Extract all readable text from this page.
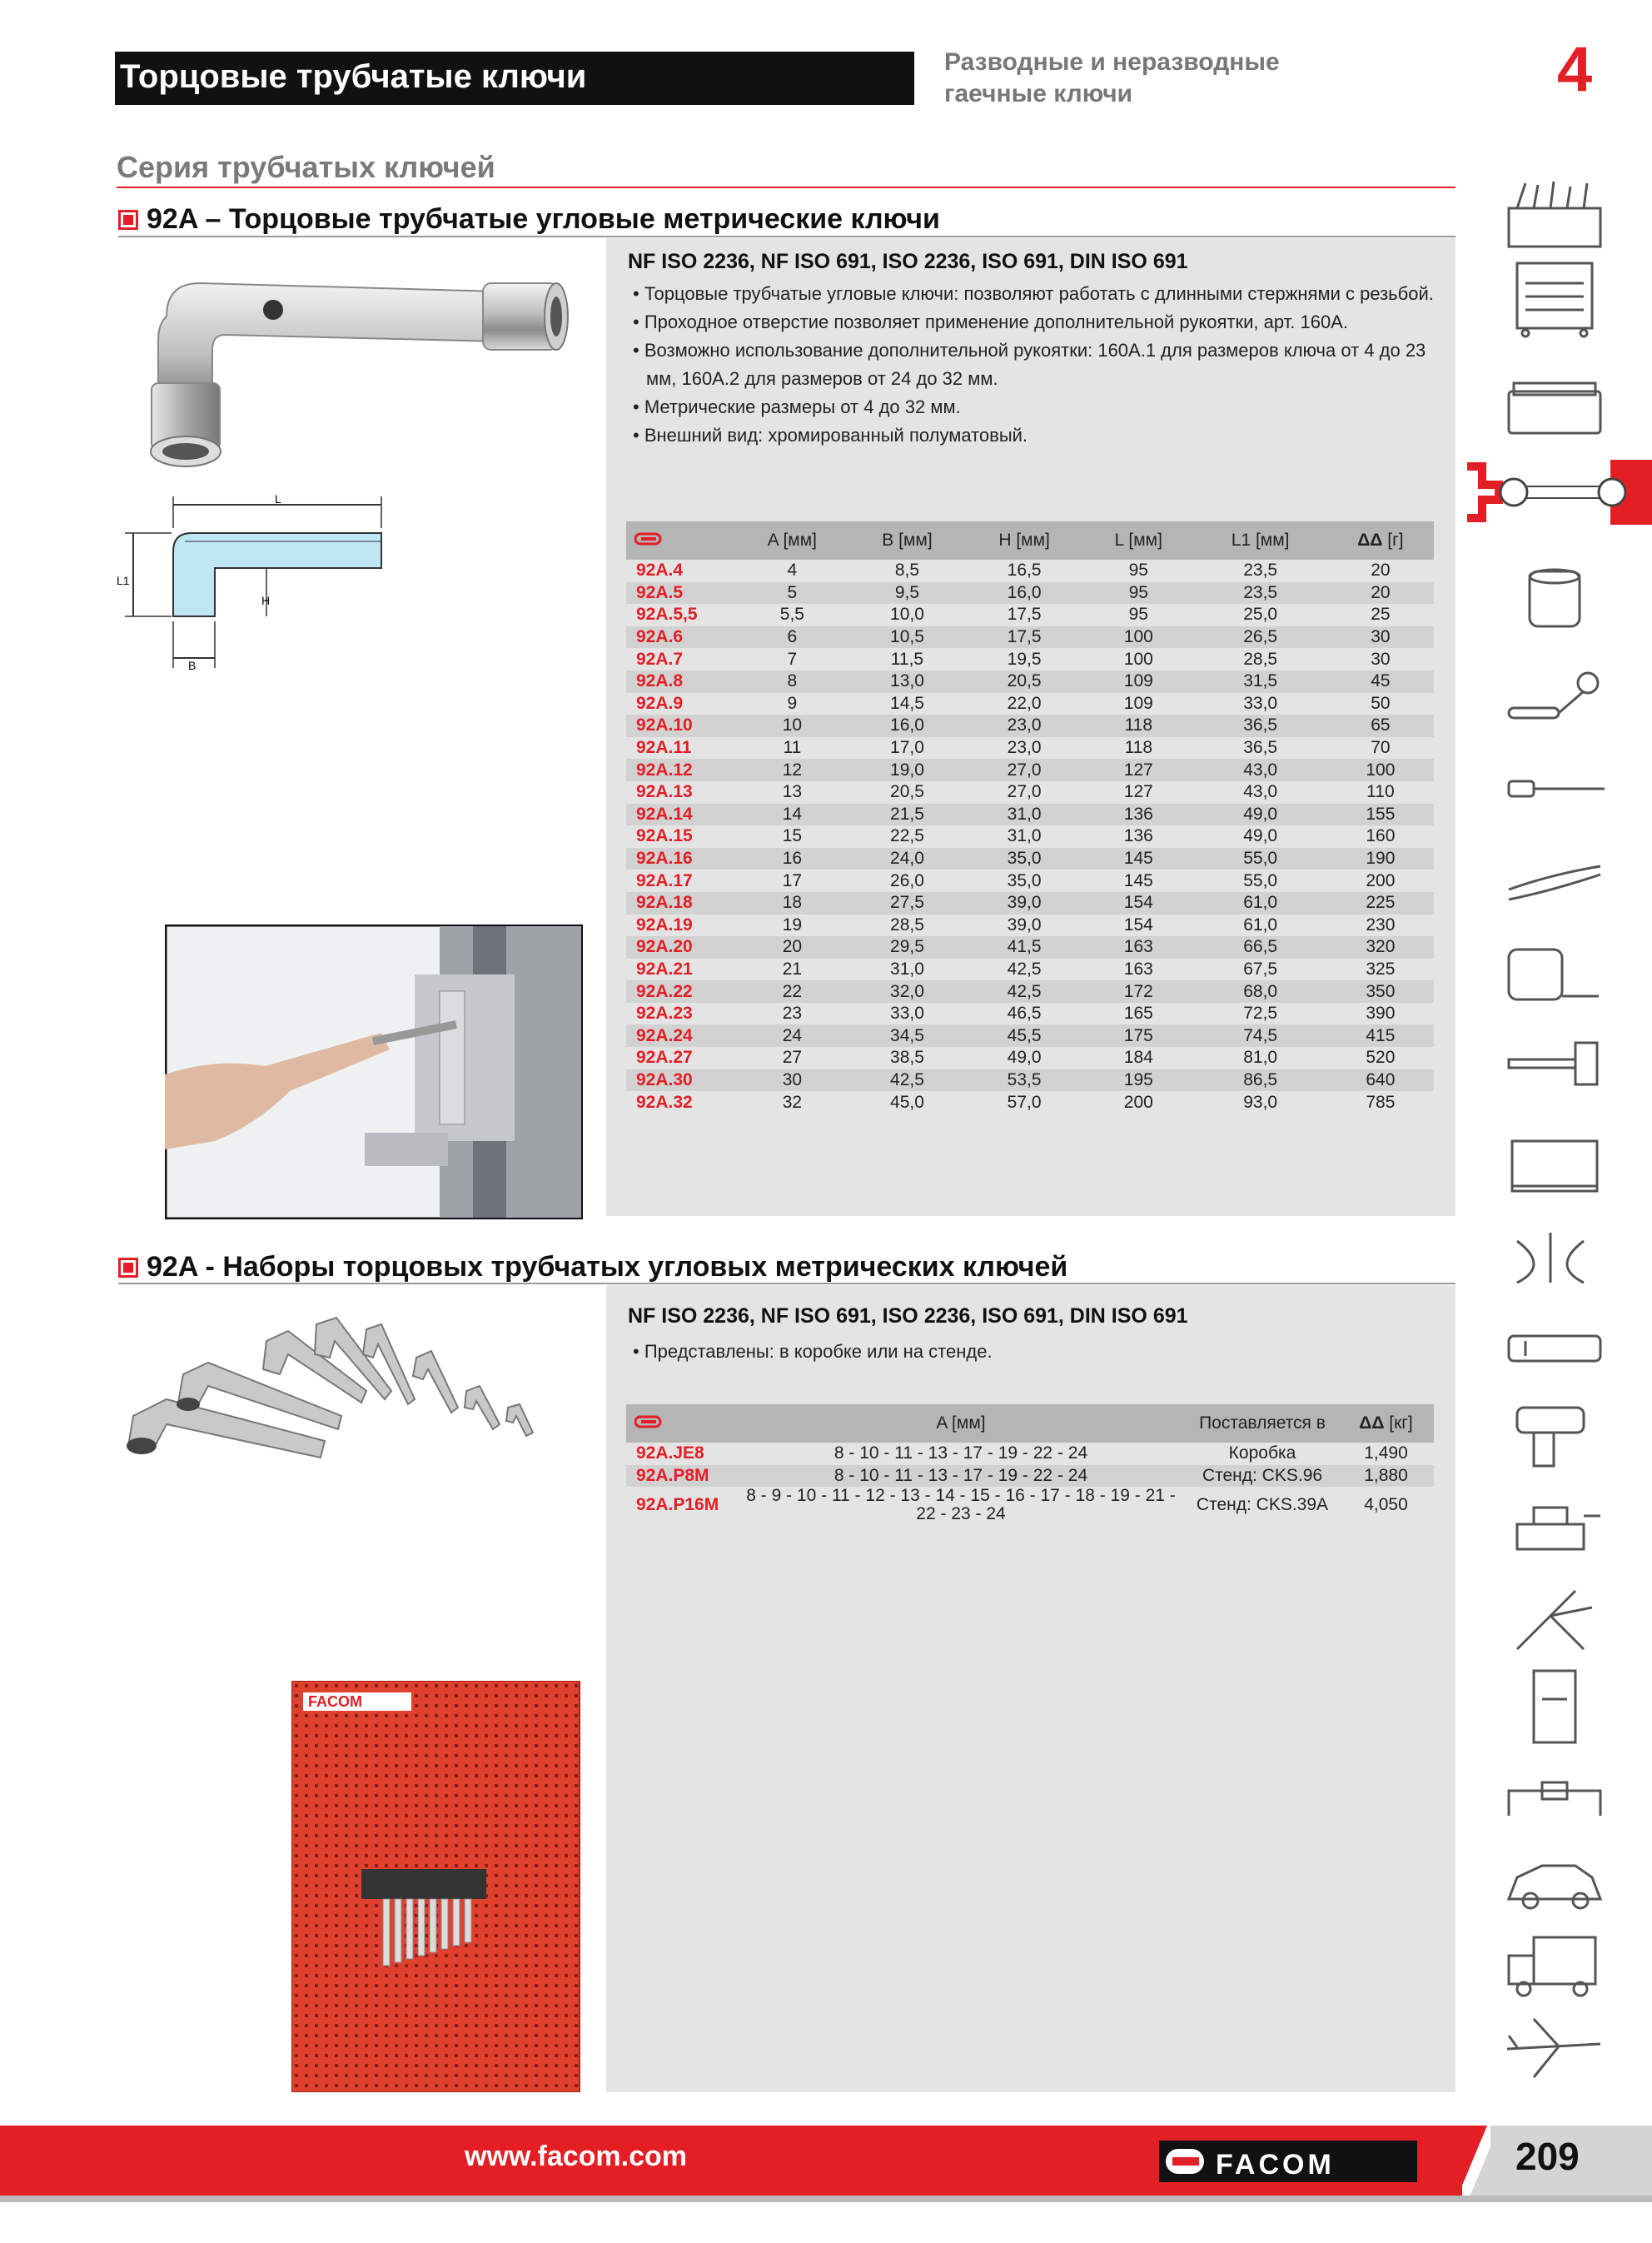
Торцовые трубчатые ключи	Разводные и неразводные
гаечные ключи	4
Серия трубчатых ключей
92A – Торцовые трубчатые угловые метрические ключи
NF ISO 2236, NF ISO 691, ISO 2236, ISO 691, DIN ISO 691
• Торцовые трубчатые угловые ключи: позволяют работать с длинными стержнями с резьбой.
• Проходное отверстие позволяет применение дополнительной рукоятки, арт. 160A.
• Возможно использование дополнительной рукоятки: 160A.1 для размеров ключа от 4 до 23 мм, 160A.2 для размеров от 24 до 32 мм.
• Метрические размеры от 4 до 32 мм.
• Внешний вид: хромированный полуматовый.
L
L1
H
B
	A [мм]	B [мм]	H [мм]	L [мм]	L1 [мм]	ΔΔ [г]
92A.4	4	8,5	16,5	95	23,5	20
92A.5	5	9,5	16,0	95	23,5	20
92A.5,5	5,5	10,0	17,5	95	25,0	25
92A.6	6	10,5	17,5	100	26,5	30
92A.7	7	11,5	19,5	100	28,5	30
92A.8	8	13,0	20,5	109	31,5	45
92A.9	9	14,5	22,0	109	33,0	50
92A.10	10	16,0	23,0	118	36,5	65
92A.11	11	17,0	23,0	118	36,5	70
92A.12	12	19,0	27,0	127	43,0	100
92A.13	13	20,5	27,0	127	43,0	110
92A.14	14	21,5	31,0	136	49,0	155
92A.15	15	22,5	31,0	136	49,0	160
92A.16	16	24,0	35,0	145	55,0	190
92A.17	17	26,0	35,0	145	55,0	200
92A.18	18	27,5	39,0	154	61,0	225
92A.19	19	28,5	39,0	154	61,0	230
92A.20	20	29,5	41,5	163	66,5	320
92A.21	21	31,0	42,5	163	67,5	325
92A.22	22	32,0	42,5	172	68,0	350
92A.23	23	33,0	46,5	165	72,5	390
92A.24	24	34,5	45,5	175	74,5	415
92A.27	27	38,5	49,0	184	81,0	520
92A.30	30	42,5	53,5	195	86,5	640
92A.32	32	45,0	57,0	200	93,0	785
92A - Наборы торцовых трубчатых угловых метрических ключей
NF ISO 2236, NF ISO 691, ISO 2236, ISO 691, DIN ISO 691
• Представлены: в коробке или на стенде.
FACOM
	A [мм]	Поставляется в	ΔΔ [кг]
92A.JE8	8 - 10 - 11 - 13 - 17 - 19 - 22 - 24	Коробка	1,490
92A.P8M	8 - 10 - 11 - 13 - 17 - 19 - 22 - 24	Стенд: CKS.96	1,880
92A.P16M	8 - 9 - 10 - 11 - 12 - 13 - 14 - 15 - 16 - 17 - 18 - 19 - 21 - 22 - 23 - 24	Стенд: CKS.39A	4,050
www.facom.com	FACOM	209
